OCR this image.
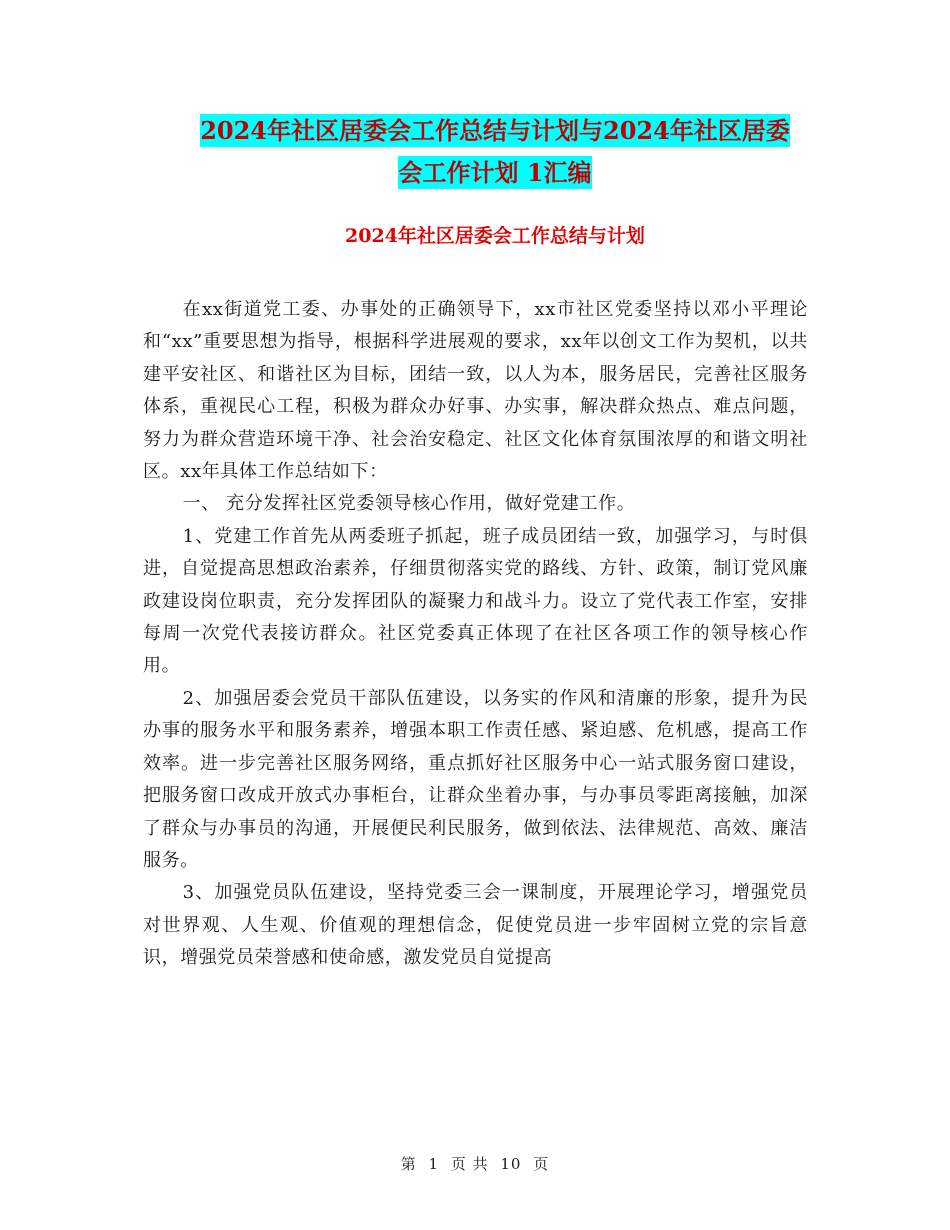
2024年社区居委会工作总结与计划与2024年社区居委
会工作计划 1汇编
2024年社区居委会工作总结与计划

在xx街道党工委、办事处的正确领导下，xx市社区党委坚持以邓小平理论和“xx”重要思想为指导，根据科学进展观的要求，xx年以创文工作为契机，以共建平安社区、和谐社区为目标，团结一致，以人为本，服务居民，完善社区服务体系，重视民心工程，积极为群众办好事、办实事，解决群众热点、难点问题，努力为群众营造环境干净、社会治安稳定、社区文化体育氛围浓厚的和谐文明社区。xx年具体工作总结如下：

一、 充分发挥社区党委领导核心作用，做好党建工作。

1、党建工作首先从两委班子抓起，班子成员团结一致，加强学习，与时俱进，自觉提高思想政治素养，仔细贯彻落实党的路线、方针、政策，制订党风廉政建设岗位职责，充分发挥团队的凝聚力和战斗力。设立了党代表工作室，安排每周一次党代表接访群众。社区党委真正体现了在社区各项工作的领导核心作用。

2、加强居委会党员干部队伍建设，以务实的作风和清廉的形象，提升为民办事的服务水平和服务素养，增强本职工作责任感、紧迫感、危机感，提高工作效率。进一步完善社区服务网络，重点抓好社区服务中心一站式服务窗口建设，把服务窗口改成开放式办事柜台，让群众坐着办事，与办事员零距离接触，加深了群众与办事员的沟通，开展便民利民服务，做到依法、法律规范、高效、廉洁服务。

3、加强党员队伍建设，坚持党委三会一课制度，开展理论学习，增强党员对世界观、人生观、价值观的理想信念，促使党员进一步牢固树立党的宗旨意识，增强党员荣誉感和使命感，激发党员自觉提高

第 1 页 共 10 页
